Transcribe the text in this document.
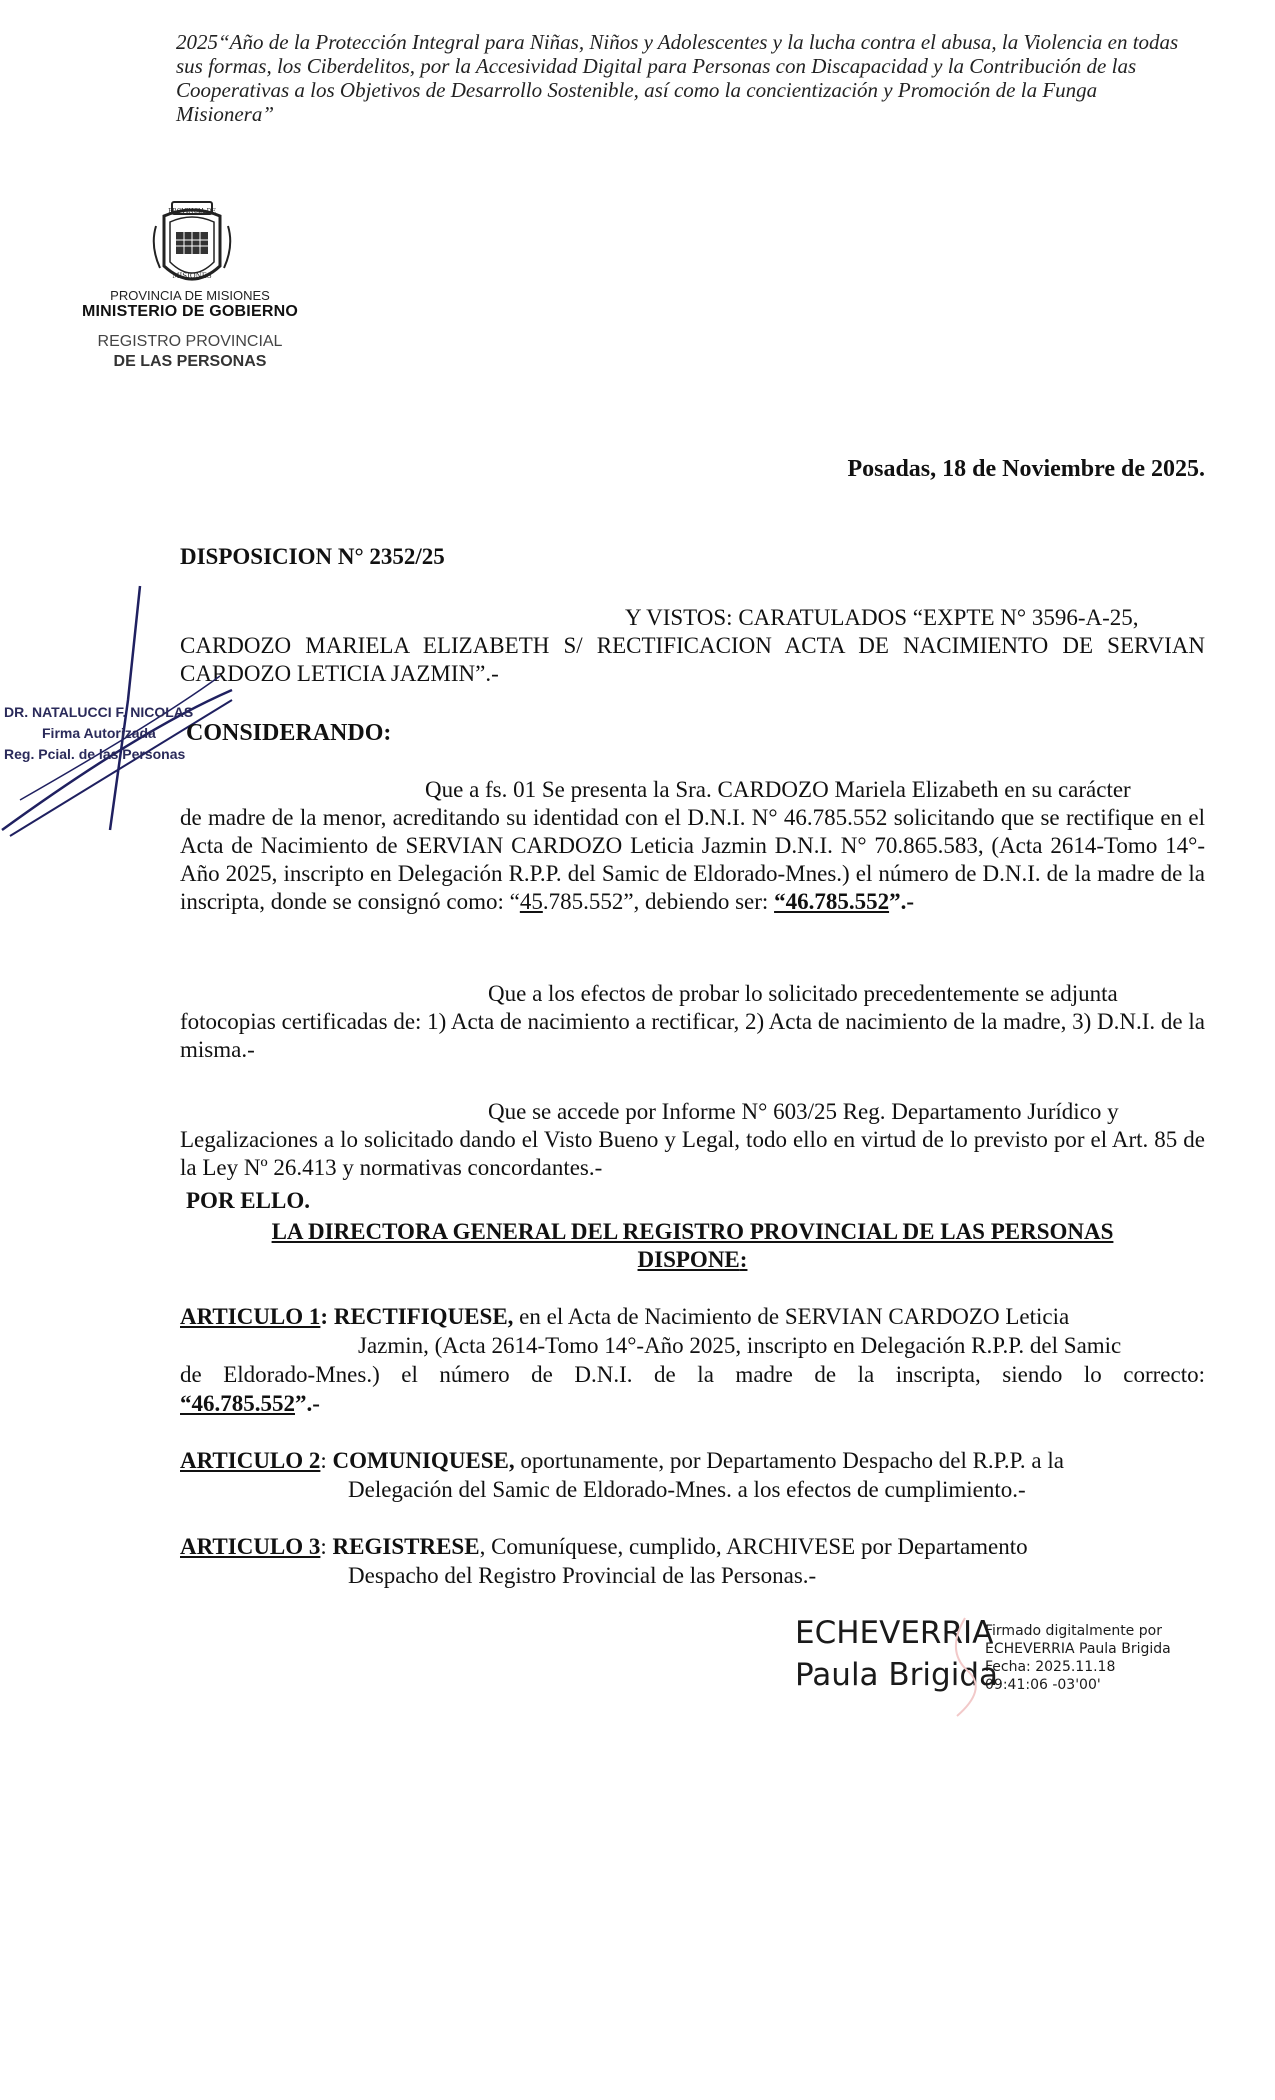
2025“Año de la Protección Integral para Niñas, Niños y Adolescentes y la lucha contra el abusa, la Violencia en todas sus formas, los Ciberdelitos, por la Accesividad Digital para Personas con Discapacidad y la Contribución de las Cooperativas a los Objetivos de Desarrollo Sostenible, así como la concientización y Promoción de la Funga Misionera”
PROVINCIA DE
MISIONES
PROVINCIA DE MISIONES
MINISTERIO DE GOBIERNO
REGISTRO PROVINCIAL
DE LAS PERSONAS
Posadas, 18 de Noviembre de 2025.
DISPOSICION N° 2352/25
Y VISTOS: CARATULADOS “EXPTE N° 3596-A-25,
CARDOZO MARIELA ELIZABETH S/ RECTIFICACION ACTA DE NACIMIENTO DE SERVIAN CARDOZO LETICIA JAZMIN”.-
DR. NATALUCCI F. NICOLAS
Firma Autorizada
Reg. Pcial. de las Personas
CONSIDERANDO:
Que a fs. 01 Se presenta la Sra. CARDOZO Mariela Elizabeth en su carácter
de madre de la menor, acreditando su identidad con el D.N.I. N° 46.785.552 solicitando que se rectifique en el Acta de Nacimiento de SERVIAN CARDOZO Leticia Jazmin D.N.I. N° 70.865.583, (Acta 2614-Tomo 14°-Año 2025, inscripto en Delegación R.P.P. del Samic de Eldorado-Mnes.) el número de D.N.I. de la madre de la inscripta, donde se consignó como: “45.785.552”, debiendo ser: “46.785.552”.-
Que a los efectos de probar lo solicitado precedentemente se adjunta
fotocopias certificadas de: 1) Acta de nacimiento a rectificar, 2) Acta de nacimiento de la madre, 3) D.N.I. de la misma.-
Que se accede por Informe N° 603/25 Reg. Departamento Jurídico y
Legalizaciones a lo solicitado dando el Visto Bueno y Legal, todo ello en virtud de lo previsto por el Art. 85 de la Ley Nº 26.413 y normativas concordantes.-
POR ELLO.
LA DIRECTORA GENERAL DEL REGISTRO PROVINCIAL DE LAS PERSONAS
DISPONE:
ARTICULO 1: RECTIFIQUESE, en el Acta de Nacimiento de SERVIAN CARDOZO Leticia
Jazmin, (Acta 2614-Tomo 14°-Año 2025, inscripto en Delegación R.P.P. del Samic
de Eldorado-Mnes.) el número de D.N.I. de la madre de la inscripta, siendo lo correcto:
“46.785.552”.-
ARTICULO 2: COMUNIQUESE, oportunamente, por Departamento Despacho del R.P.P. a la
Delegación del Samic de Eldorado-Mnes. a los efectos de cumplimiento.-
ARTICULO 3: REGISTRESE, Comuníquese, cumplido, ARCHIVESE por Departamento
Despacho del Registro Provincial de las Personas.-
ECHEVERRIA
Paula Brigida
Firmado digitalmente por
ECHEVERRIA Paula Brigida
Fecha: 2025.11.18
09:41:06 -03'00'
